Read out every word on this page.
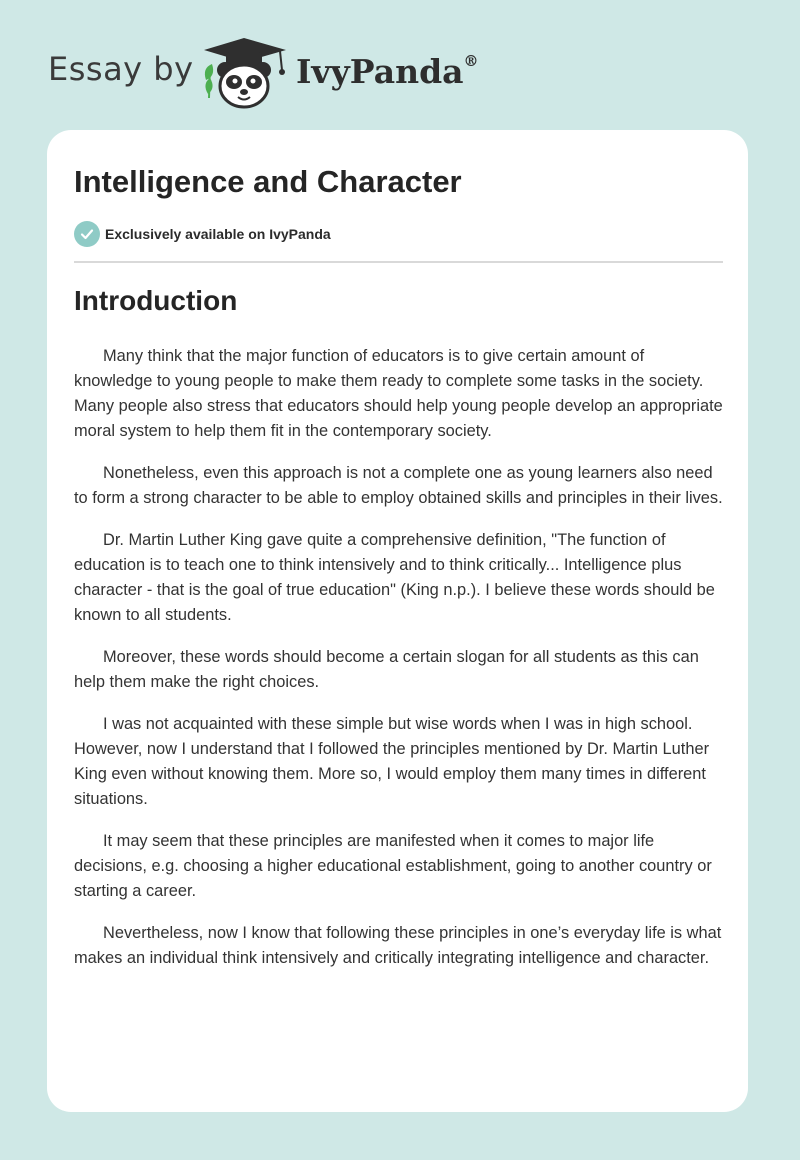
Essay by	IvyPanda®
Intelligence and Character
Exclusively available on IvyPanda
Introduction

Many think that the major function of educators is to give certain amount of knowledge to young people to make them ready to complete some tasks in the society. Many people also stress that educators should help young people develop an appropriate moral system to help them fit in the contemporary society.

Nonetheless, even this approach is not a complete one as young learners also need to form a strong character to be able to employ obtained skills and principles in their lives.

Dr. Martin Luther King gave quite a comprehensive definition, "The function of education is to teach one to think intensively and to think critically... Intelligence plus character - that is the goal of true education" (King n.p.). I believe these words should be known to all students.

Moreover, these words should become a certain slogan for all students as this can help them make the right choices.

I was not acquainted with these simple but wise words when I was in high school. However, now I understand that I followed the principles mentioned by Dr. Martin Luther King even without knowing them. More so, I would employ them many times in different situations.

It may seem that these principles are manifested when it comes to major life decisions, e.g. choosing a higher educational establishment, going to another country or starting a career.

Nevertheless, now I know that following these principles in one’s everyday life is what makes an individual think intensively and critically integrating intelligence and character.
